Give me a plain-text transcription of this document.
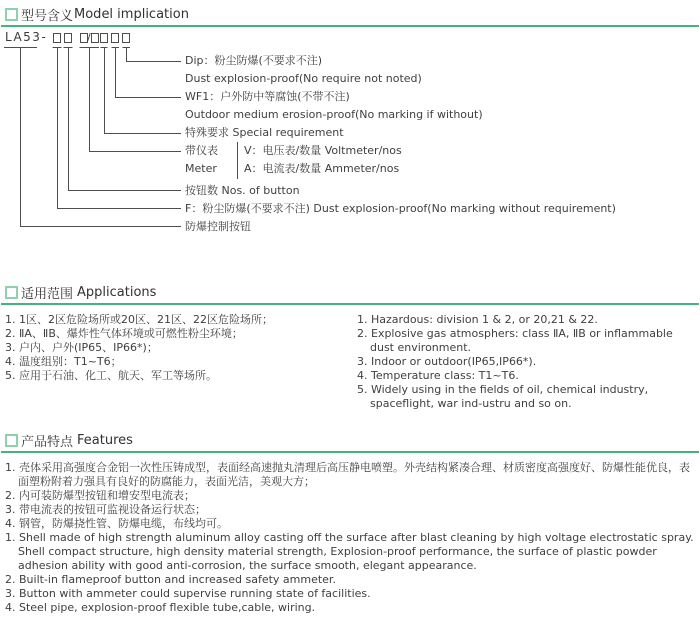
型号含义 Model implication
LA53-	/
Dip：粉尘防爆(不要求不注)
Dust explosion-proof(No require not noted)
WF1：户外防中等腐蚀(不带不注)
Outdoor medium erosion-proof(No marking if without)
特殊要求 Special requirement
带仪表
Meter
V：电压表/数量 Voltmeter/nos
A：电流表/数量 Ammeter/nos
按钮数 Nos. of button
F：粉尘防爆(不要求不注) Dust explosion-proof(No marking without requirement)
防爆控制按钮
适用范围 Applications
1. 1区、2区危险场所或20区、21区、22区危险场所；
2. ⅡA、ⅡB、爆炸性气体环境或可燃性粉尘环境；
3. 户内、户外(IP65、IP66*)；
4. 温度组别：T1~T6；
5. 应用于石油、化工、航天、军工等场所。
1. Hazardous: division 1 & 2, or 20,21 & 22.
2. Explosive gas atmosphers: class ⅡA, ⅡB or inflammable dust environment.
3. Indoor or outdoor(IP65,IP66*).
4. Temperature class: T1~T6.
5. Widely using in the fields of oil, chemical industry, spaceflight, war ind-ustru and so on.
产品特点 Features
1. 壳体采用高强度合金铝一次性压铸成型，表面经高速抛丸清理后高压静电喷塑。外壳结构紧凑合理、材质密度高强度好、防爆性能优良，表面塑粉附着力强具有良好的防腐能力，表面光洁，美观大方；
2. 内可装防爆型按钮和增安型电流表；
3. 带电流表的按钮可监视设备运行状态；
4. 钢管，防爆挠性管、防爆电缆，布线均可。
1. Shell made of high strength aluminum alloy casting off the surface after blast cleaning by high voltage electrostatic spray. Shell compact structure, high density material strength, Explosion-proof performance, the surface of plastic powder adhesion ability with good anti-corrosion, the surface smooth, elegant appearance.
2. Built-in flameproof button and increased safety ammeter.
3. Button with ammeter could supervise running state of facilities.
4. Steel pipe, explosion-proof flexible tube,cable, wiring.
